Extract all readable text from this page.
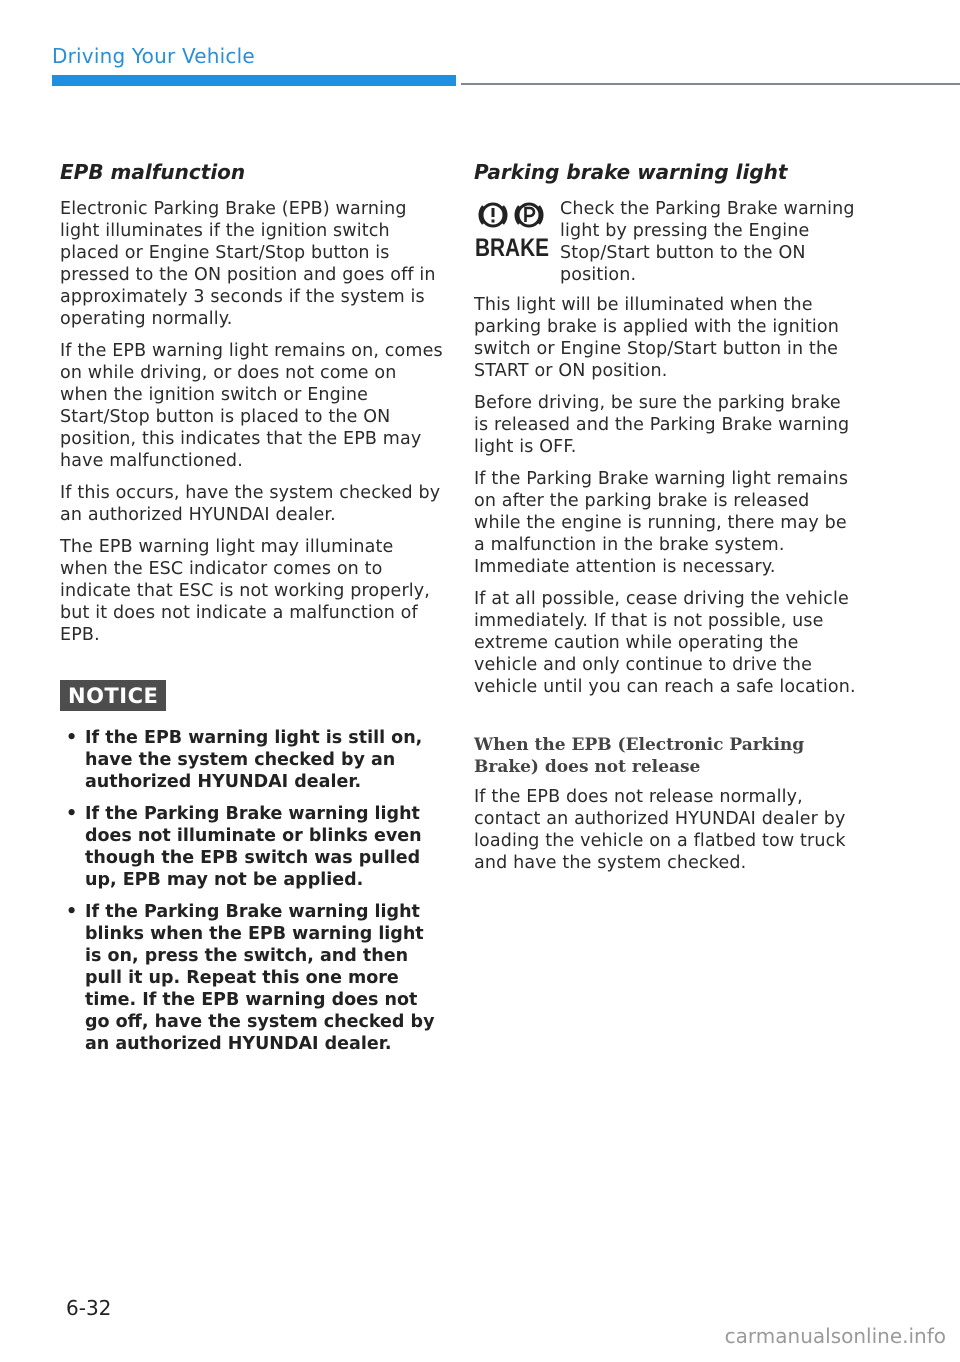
Driving Your Vehicle
EPB malfunction

Electronic Parking Brake (EPB) warning light illuminates if the ignition switch placed or Engine Start/Stop button is pressed to the ON position and goes off in approximately 3 seconds if the system is operating normally.

If the EPB warning light remains on, comes on while driving, or does not come on when the ignition switch or Engine Start/Stop button is placed to the ON position, this indicates that the EPB may have malfunctioned.

If this occurs, have the system checked by an authorized HYUNDAI dealer.

The EPB warning light may illuminate when the ESC indicator comes on to indicate that ESC is not working properly, but it does not indicate a malfunction of EPB.

NOTICE
• If the EPB warning light is still on, have the system checked by an authorized HYUNDAI dealer.
• If the Parking Brake warning light does not illuminate or blinks even though the EPB switch was pulled up, EPB may not be applied.
• If the Parking Brake warning light blinks when the EPB warning light is on, press the switch, and then pull it up. Repeat this one more time. If the EPB warning does not go off, have the system checked by an authorized HYUNDAI dealer.
Parking brake warning light
BRAKE

Check the Parking Brake warning light by pressing the Engine Stop/Start button to the ON position.

This light will be illuminated when the parking brake is applied with the ignition switch or Engine Stop/Start button in the START or ON position.

Before driving, be sure the parking brake is released and the Parking Brake warning light is OFF.

If the Parking Brake warning light remains on after the parking brake is released while the engine is running, there may be a malfunction in the brake system. Immediate attention is necessary.

If at all possible, cease driving the vehicle immediately. If that is not possible, use extreme caution while operating the vehicle and only continue to drive the vehicle until you can reach a safe location.

When the EPB (Electronic Parking Brake) does not release

If the EPB does not release normally, contact an authorized HYUNDAI dealer by loading the vehicle on a flatbed tow truck and have the system checked.

6-32
carmanualsonline.info
